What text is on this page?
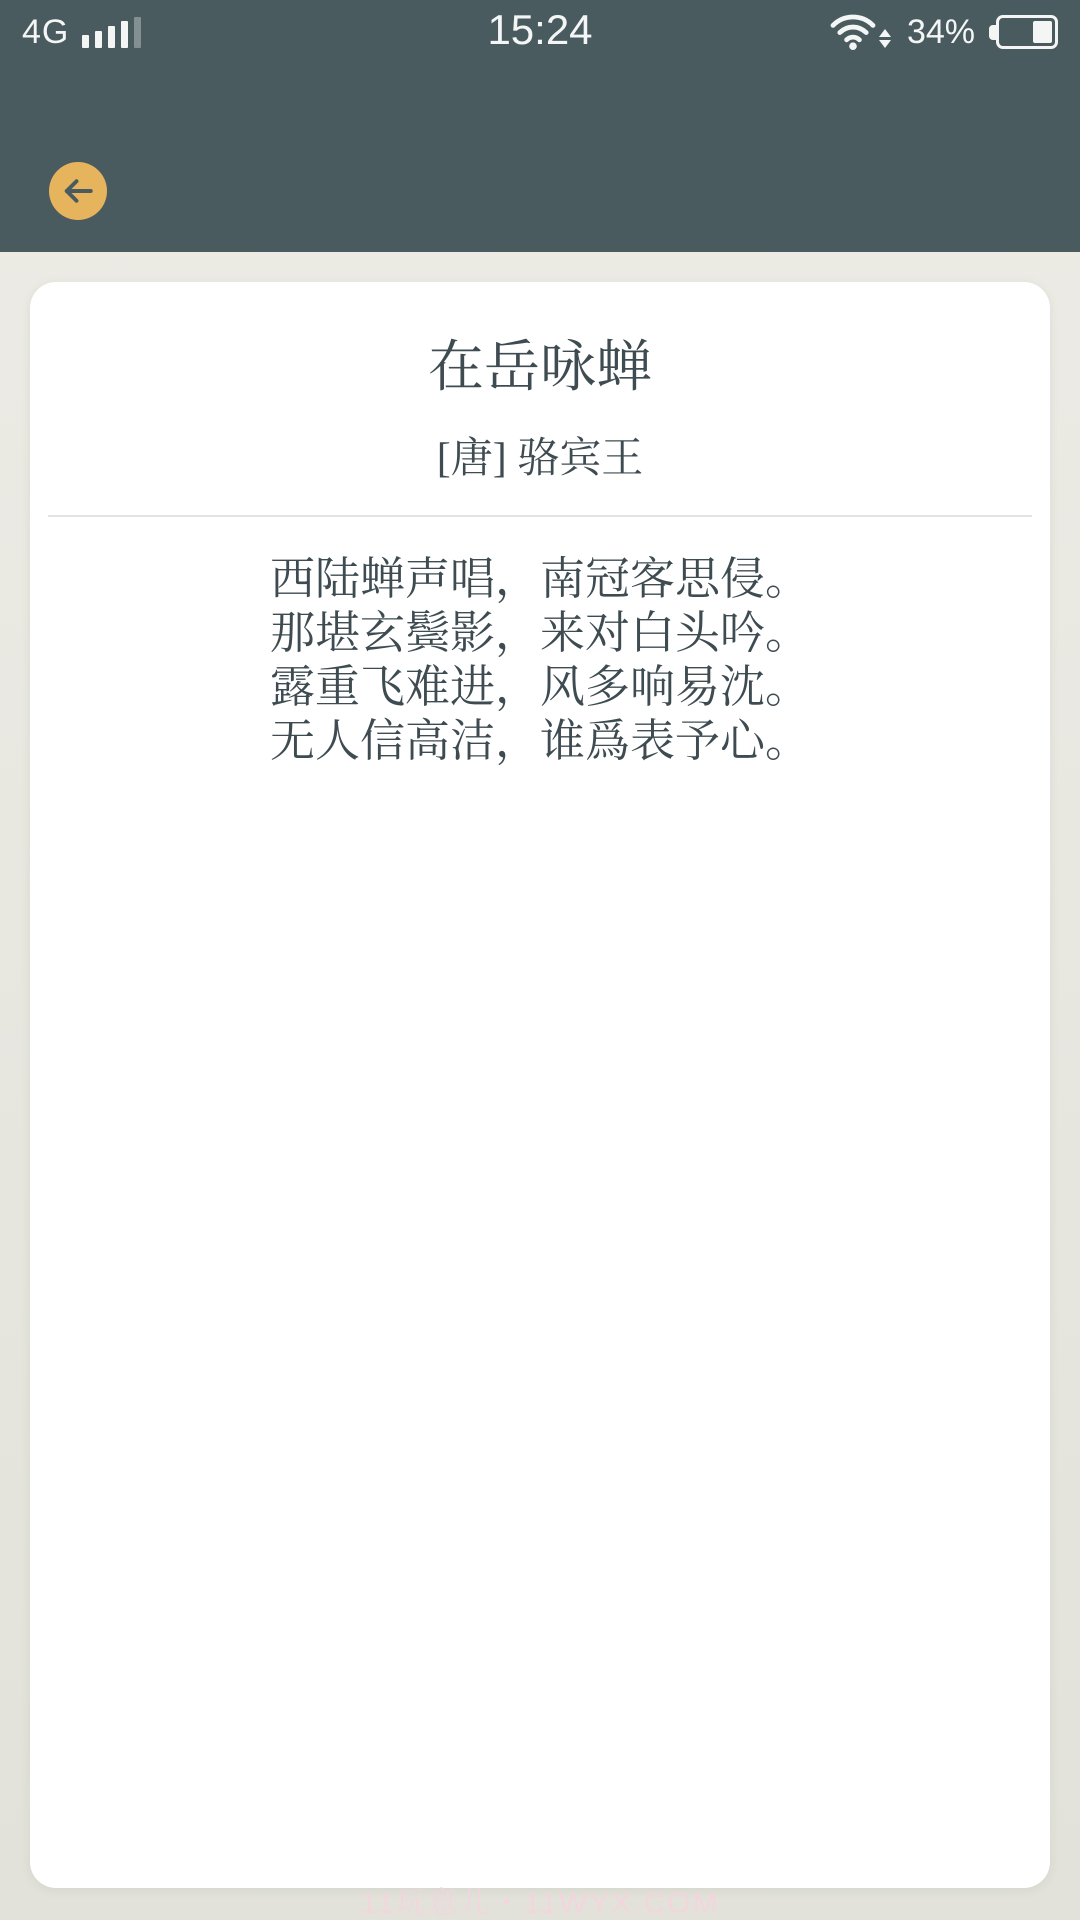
4G	15:24	34%
在岳咏蝉
[唐] 骆宾王
西陆蝉声唱，南冠客思侵。
那堪玄鬓影，来对白头吟。
露重飞难进，风多响易沈。
无人信高洁，谁爲表予心。
11玩意儿・11WYX.COM
